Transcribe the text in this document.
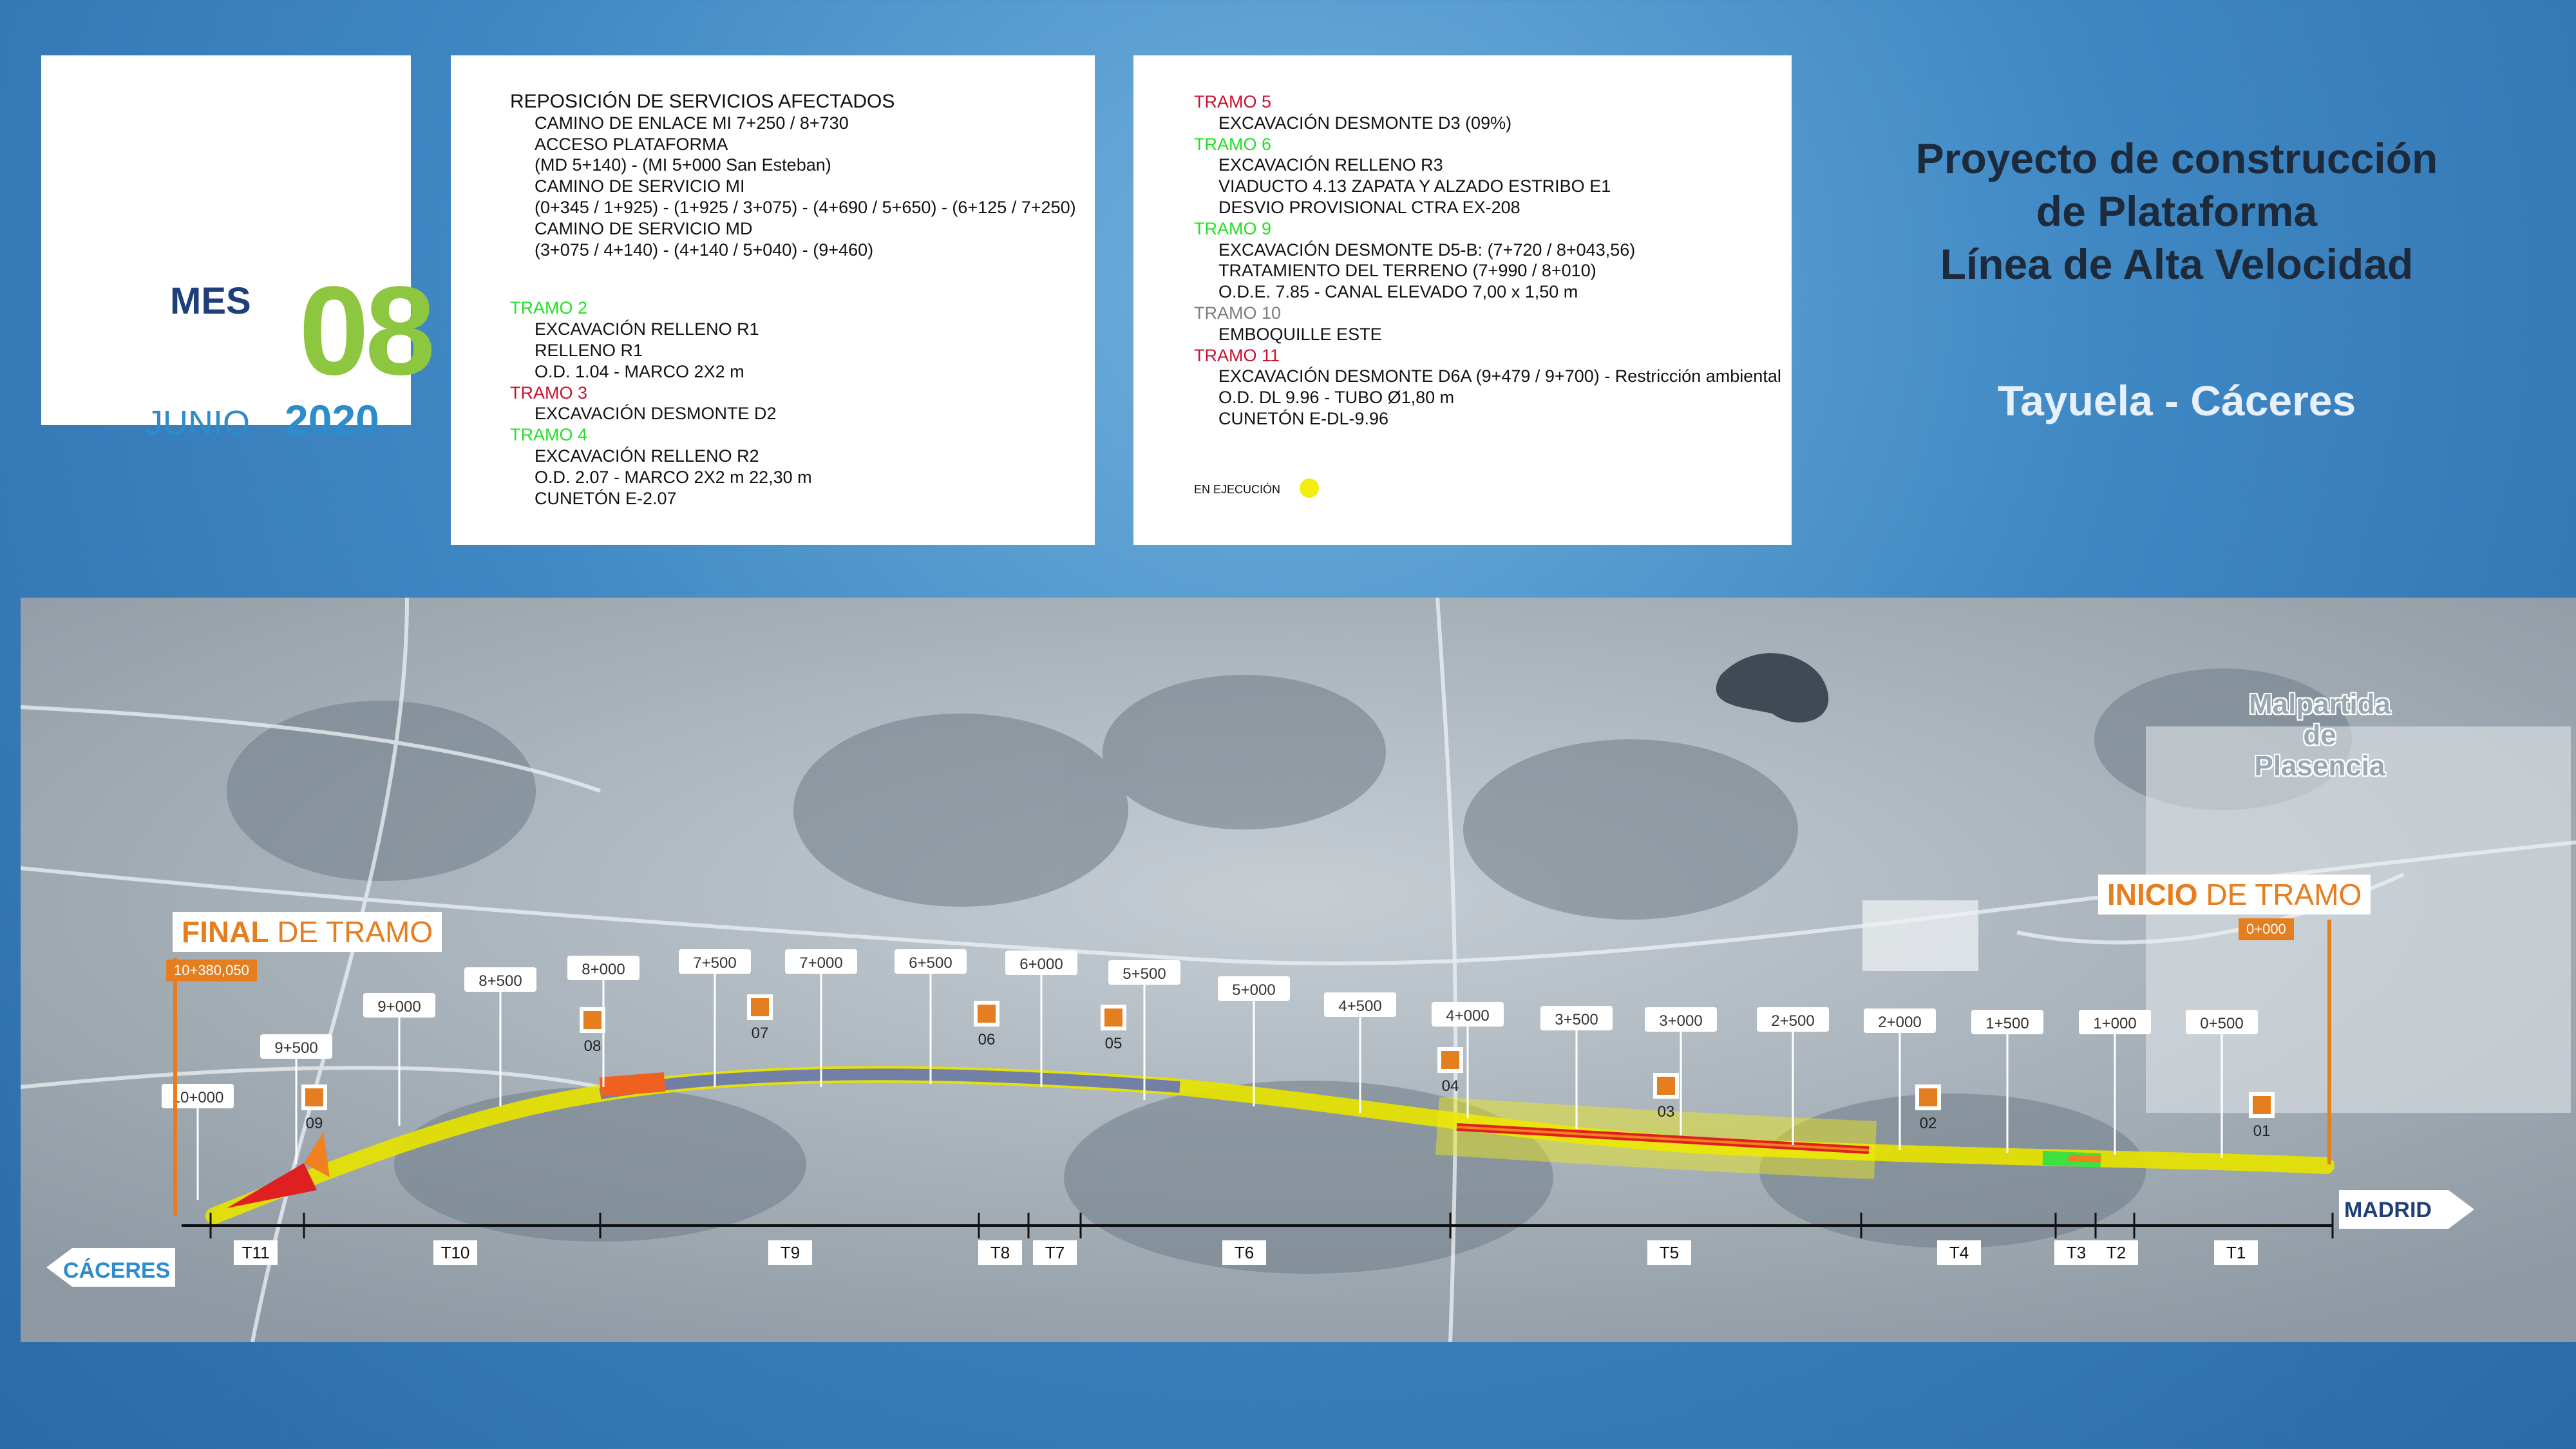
MES 08
JUNIO 2020
REPOSICIÓN DE SERVICIOS AFECTADOS
CAMINO DE ENLACE MI 7+250 / 8+730
ACCESO PLATAFORMA
(MD 5+140) - (MI 5+000 San Esteban)
CAMINO DE SERVICIO MI
(0+345 / 1+925) - (1+925 / 3+075) - (4+690 / 5+650) - (6+125 / 7+250)
CAMINO DE SERVICIO MD
(3+075 / 4+140) - (4+140 / 5+040) - (9+460)
TRAMO 2
EXCAVACIÓN RELLENO R1
RELLENO R1
O.D. 1.04 - MARCO 2X2 m
TRAMO 3
EXCAVACIÓN DESMONTE D2
TRAMO 4
EXCAVACIÓN RELLENO R2
O.D. 2.07 - MARCO 2X2 m 22,30 m
CUNETÓN E-2.07
TRAMO 5
EXCAVACIÓN DESMONTE D3 (09%)
TRAMO 6
EXCAVACIÓN RELLENO R3
VIADUCTO 4.13 ZAPATA Y ALZADO ESTRIBO E1
DESVIO PROVISIONAL CTRA EX-208
TRAMO 9
EXCAVACIÓN DESMONTE D5-B: (7+720 / 8+043,56)
TRATAMIENTO DEL TERRENO (7+990 / 8+010)
O.D.E. 7.85 - CANAL ELEVADO 7,00 x 1,50 m
TRAMO 10
EMBOQUILLE ESTE
TRAMO 11
EXCAVACIÓN DESMONTE D6A (9+479 / 9+700) - Restricción ambiental
O.D. DL 9.96 - TUBO Ø1,80 m
CUNETÓN E-DL-9.96
EN EJECUCIÓN
Proyecto de construcción
de Plataforma
Línea de Alta Velocidad
Tayuela - Cáceres
10+000
9+500
9+000
8+500
8+000	7+500	7+000	6+500	6+000
5+500
5+000
4+500
4+000	3+500	3+000	2+500	2+000	1+500	1+000	0+500
09
08
07	06	05
04
03
02	01
T11	T10	T9	T8 T7	T6	T5	T4	T3 T2	T1
Malpartida
de
Plasencia
FINAL DE TRAMO
10+380,050
INICIO DE TRAMO
0+000
CÁCERES
MADRID
